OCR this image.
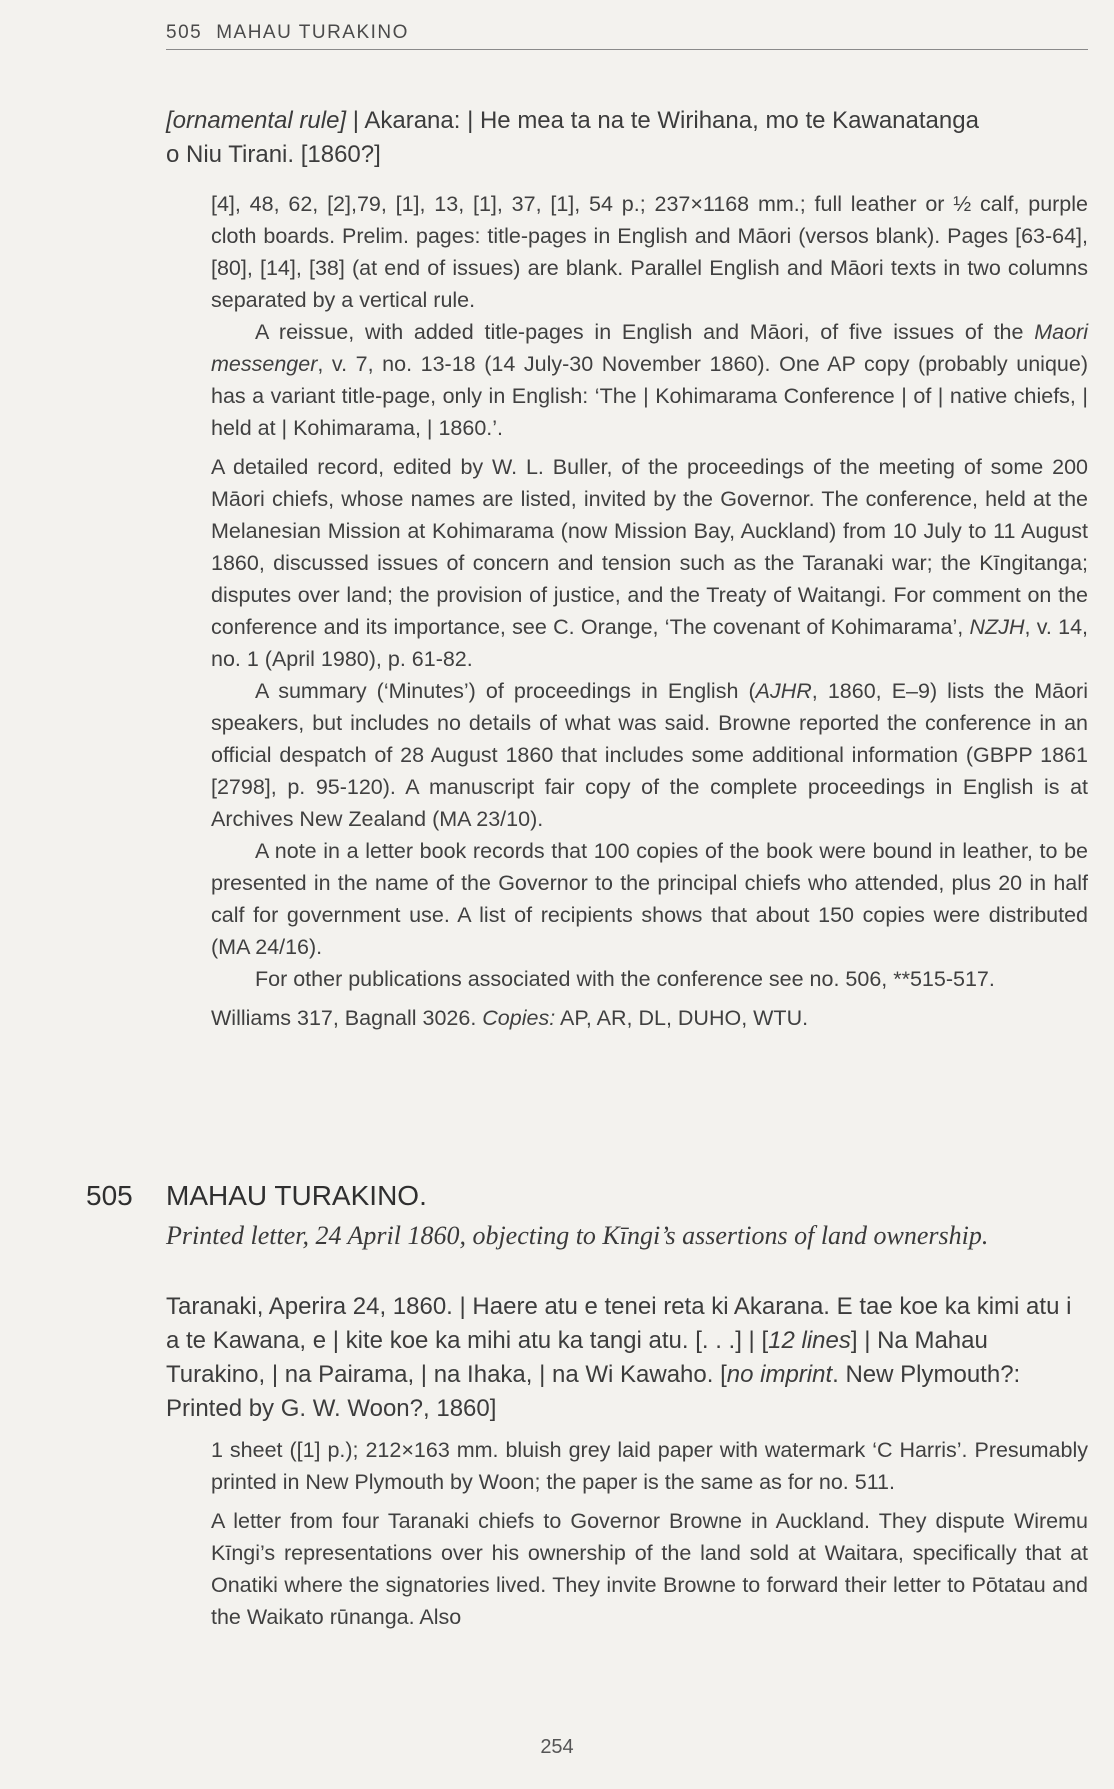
505 MAHAU TURAKINO
[ornamental rule] | Akarana: | He mea ta na te Wirihana, mo te Kawanatanga o Niu Tirani. [1860?]

[4], 48, 62, [2],79, [1], 13, [1], 37, [1], 54 p.; 237×1168 mm.; full leather or ½ calf, purple cloth boards. Prelim. pages: title-pages in English and Māori (versos blank). Pages [63-64], [80], [14], [38] (at end of issues) are blank. Parallel English and Māori texts in two columns separated by a vertical rule.

A reissue, with added title-pages in English and Māori, of five issues of the Maori messenger, v. 7, no. 13-18 (14 July-30 November 1860). One AP copy (probably unique) has a variant title-page, only in English: ‘The | Kohimarama Conference | of | native chiefs, | held at | Kohimarama, | 1860.’.

A detailed record, edited by W. L. Buller, of the proceedings of the meeting of some 200 Māori chiefs, whose names are listed, invited by the Governor. The conference, held at the Melanesian Mission at Kohimarama (now Mission Bay, Auckland) from 10 July to 11 August 1860, discussed issues of concern and tension such as the Taranaki war; the Kīngitanga; disputes over land; the provision of justice, and the Treaty of Waitangi. For comment on the conference and its importance, see C. Orange, ‘The covenant of Kohimarama’, NZJH, v. 14, no. 1 (April 1980), p. 61-82.

A summary (‘Minutes’) of proceedings in English (AJHR, 1860, E–9) lists the Māori speakers, but includes no details of what was said. Browne reported the conference in an official despatch of 28 August 1860 that includes some additional information (GBPP 1861 [2798], p. 95-120). A manuscript fair copy of the complete proceedings in English is at Archives New Zealand (MA 23/10).

A note in a letter book records that 100 copies of the book were bound in leather, to be presented in the name of the Governor to the principal chiefs who attended, plus 20 in half calf for government use. A list of recipients shows that about 150 copies were distributed (MA 24/16).

For other publications associated with the conference see no. 506, **515-517.

Williams 317, Bagnall 3026. Copies: AP, AR, DL, DUHO, WTU.

505 MAHAU TURAKINO.
Printed letter, 24 April 1860, objecting to Kīngi’s assertions of land ownership.
Taranaki, Aperira 24, 1860. | Haere atu e tenei reta ki Akarana. E tae koe ka kimi atu i a te Kawana, e | kite koe ka mihi atu ka tangi atu. [. . .] | [12 lines] | Na Mahau Turakino, | na Pairama, | na Ihaka, | na Wi Kawaho. [no imprint. New Plymouth?: Printed by G. W. Woon?, 1860]

1 sheet ([1] p.); 212×163 mm. bluish grey laid paper with watermark ‘C Harris’. Presumably printed in New Plymouth by Woon; the paper is the same as for no. 511.

A letter from four Taranaki chiefs to Governor Browne in Auckland. They dispute Wiremu Kīngi’s representations over his ownership of the land sold at Waitara, specifically that at Onatiki where the signatories lived. They invite Browne to forward their letter to Pōtatau and the Waikato rūnanga. Also

254
